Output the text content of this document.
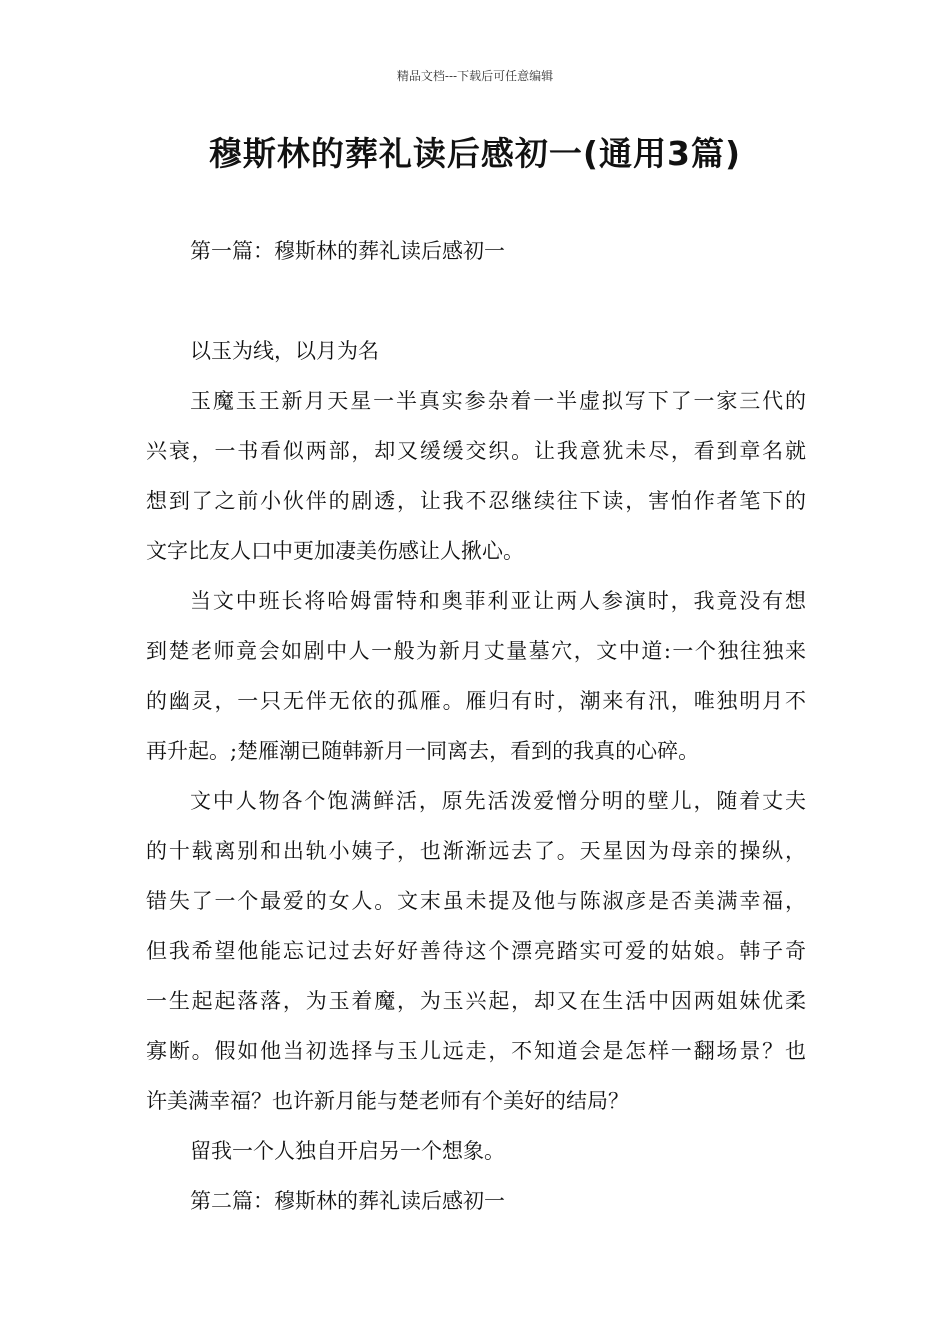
精品文档---下载后可任意编辑
穆斯林的葬礼读后感初一(通用3篇)
第一篇：穆斯林的葬礼读后感初一
以玉为线，以月为名
玉魔玉王新月天星一半真实参杂着一半虚拟写下了一家三代的
兴衰，一书看似两部，却又缓缓交织。让我意犹未尽，看到章名就
想到了之前小伙伴的剧透，让我不忍继续往下读，害怕作者笔下的
文字比友人口中更加凄美伤感让人揪心。
当文中班长将哈姆雷特和奥菲利亚让两人参演时，我竟没有想
到楚老师竟会如剧中人一般为新月丈量墓穴，文中道:一个独往独来
的幽灵，一只无伴无依的孤雁。雁归有时，潮来有汛，唯独明月不
再升起。;楚雁潮已随韩新月一同离去，看到的我真的心碎。
文中人物各个饱满鲜活，原先活泼爱憎分明的壁儿，随着丈夫
的十载离别和出轨小姨子，也渐渐远去了。天星因为母亲的操纵，
错失了一个最爱的女人。文末虽未提及他与陈淑彦是否美满幸福，
但我希望他能忘记过去好好善待这个漂亮踏实可爱的姑娘。韩子奇
一生起起落落，为玉着魔，为玉兴起，却又在生活中因两姐妹优柔
寡断。假如他当初选择与玉儿远走，不知道会是怎样一翻场景？也
许美满幸福？也许新月能与楚老师有个美好的结局？
留我一个人独自开启另一个想象。
第二篇：穆斯林的葬礼读后感初一
